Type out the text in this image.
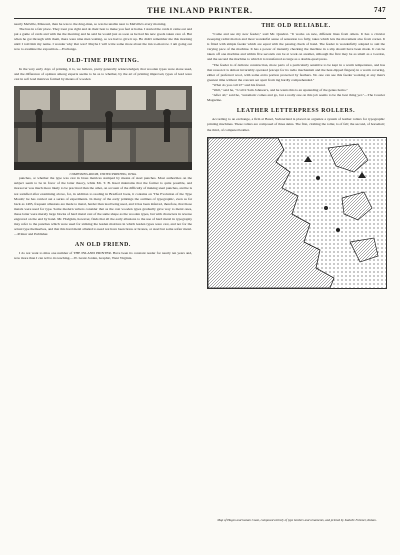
THE INLAND PRINTER.	747

nearly Melville, Missouri, than he was to the drug-man, so was he unable near to Melville's every morning.

The bus in a fair place. They treat you right and do their best to make you feel at home. I started the cards it came out and put a game of cards and with me the morning and he said he would just as soon as he had his new goods taken care of. But when he got through with them, there were nine men waiting, so we had to give it up. He didn't remember me this morning until I told him my name. I wonder why that was? Maybe I will write some more about the inn to-morrow. I am going out now to examine the exposition.—Exchange.

OLD-TIME PRINTING.

In the very early days of printing, it is, we believe, pretty generally acknowledged, that wooden types were alone used, and the difference of opinion among experts seems to be as to whether, by the art of printing improved, types of lead were cast in soft lead matrices formed by means of wooden

COMPOSING-ROOM, UNITED PRINTING, IOWA.

punches, or whether the type was cast in brass matrices stamped by means of steel punches. Most authorities on the subject seem to be in favor of the latter theory, while Mr. T. B. Reed maintains that the former is quite possible, and moreover was much more likely to be practiced than the other, on account of the difficulty of making steel punches, and he is not satisfied after examining above, for, in addition to reading in Bradford book, it contains on 'The Evolution of the Type Mould,' he has carried out a series of experiments. In many of the early printings the outlines of typographic, even as far back as 1495, frequent allusions are made to metal, harder than lead being used, and it has been inferred, therefore, that those metals were used for type. Some modern writers consider that as the cast wooden types gradually gave way to metal ones, these latter were merely large blocks of hard metal cast of the same shape as the wooden types, but with characters in reverse engraved on the end by hand. Mr. Hodgkin, however, finds that all the early allusions to the use of hard metal in typography may refer to the punches which were used for striking the leaden matrices in which leaden types were cast, and not for the actual type themselves, and that this hard metal alluded to need not have been brass or bronze, or steel but some softer metal.—Printer and Publisher.

AN OLD FRIEND.

I do not want to miss one number of THE INLAND PRINTER. Have been its constant reader for nearly ten years and, now more than I can tell to its teaching.—W. Grant Jordan, Graphic, West Virginia.

THE OLD RELIABLE.

"Come and see my new feeder," said Mr. Quadrat. "It works on new, different lines from others. It has a circular sweeping radial motion and most wonderful sense of sensation too fully, takes which lets the movement also from corner. It is fitted with simple feeder which are equal with the passing check of hand. The feeder is wonderfully adapted to suit the varying pace of the machine. It has a power of instantly checking the machine in a slip should have been made. It can be taken off one machine and within five seconds can be at work on another, although the first may be as small as a Gordon, and the second the machine to which it is transferred as large as a double-quad press.

"The feeder is of delicate construction, more parts of a particularly sensitive to be kept in a warm temperature, and has that reason it is almost invariably operated (except for its radio mechanism and the heat-dipped fingers) in a warm covering, either of preferred wool, with some extra portion protected by feathers. No one can see this feeder working at any man's greatest time without the concern set apart from ing hardly comprehended."

"What do you call it?" said his friend.

"Well," said he, "I call it Sam Johnson's, and he wants this is an upstanding of the genus homo."

"After all," said he, "automatic comes and go, but a really one on this job seems to be the best thing yet."—The Courier Magazine.

LEATHER LETTERPRESS ROLLERS.

According to an exchange, a firm at Basel, Switzerland is placed on organize a system of leather rollers for typographic printing machines. These rollers are composed of three skins. The first, clothing the roller, is of felt; the second, of horsehair; the third, of computed leather.

Map of Hagen and Gaiam Coast, composed entirely of type borders and ornaments, and printed by Isabelle Folsmer, Kuban.
